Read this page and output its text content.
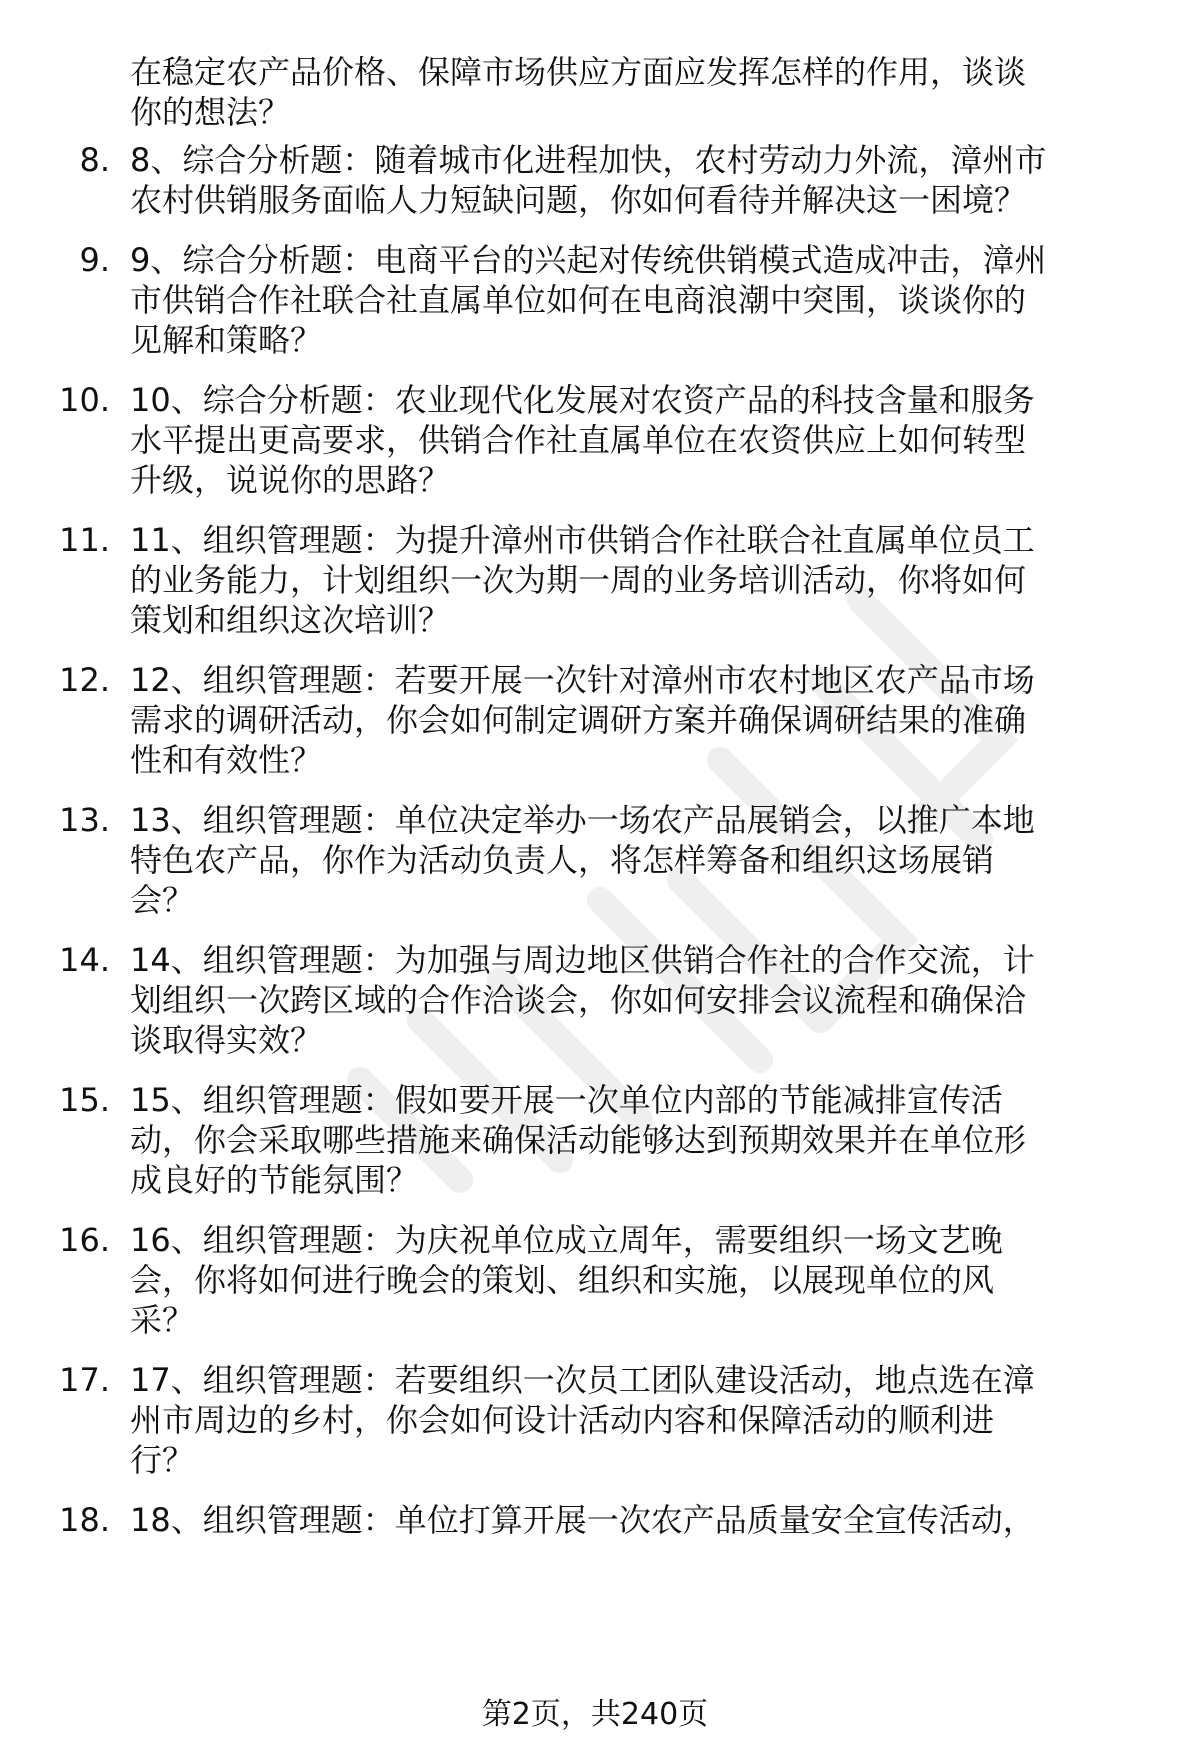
在稳定农产品价格、保障市场供应方面应发挥怎样的作用，谈谈
你的想法？
8. 8、综合分析题：随着城市化进程加快，农村劳动力外流，漳州市
农村供销服务面临人力短缺问题，你如何看待并解决这一困境？
9. 9、综合分析题：电商平台的兴起对传统供销模式造成冲击，漳州
市供销合作社联合社直属单位如何在电商浪潮中突围，谈谈你的
见解和策略？
10. 10、综合分析题：农业现代化发展对农资产品的科技含量和服务
水平提出更高要求，供销合作社直属单位在农资供应上如何转型
升级，说说你的思路？
11. 11、组织管理题：为提升漳州市供销合作社联合社直属单位员工
的业务能力，计划组织一次为期一周的业务培训活动，你将如何
策划和组织这次培训？
12. 12、组织管理题：若要开展一次针对漳州市农村地区农产品市场
需求的调研活动，你会如何制定调研方案并确保调研结果的准确
性和有效性？
13. 13、组织管理题：单位决定举办一场农产品展销会，以推广本地
特色农产品，你作为活动负责人，将怎样筹备和组织这场展销
会？
14. 14、组织管理题：为加强与周边地区供销合作社的合作交流，计
划组织一次跨区域的合作洽谈会，你如何安排会议流程和确保洽
谈取得实效？
15. 15、组织管理题：假如要开展一次单位内部的节能减排宣传活
动，你会采取哪些措施来确保活动能够达到预期效果并在单位形
成良好的节能氛围？
16. 16、组织管理题：为庆祝单位成立周年，需要组织一场文艺晚
会，你将如何进行晚会的策划、组织和实施，以展现单位的风
采？
17. 17、组织管理题：若要组织一次员工团队建设活动，地点选在漳
州市周边的乡村，你会如何设计活动内容和保障活动的顺利进
行？
18. 18、组织管理题：单位打算开展一次农产品质量安全宣传活动，
第2页，共240页
